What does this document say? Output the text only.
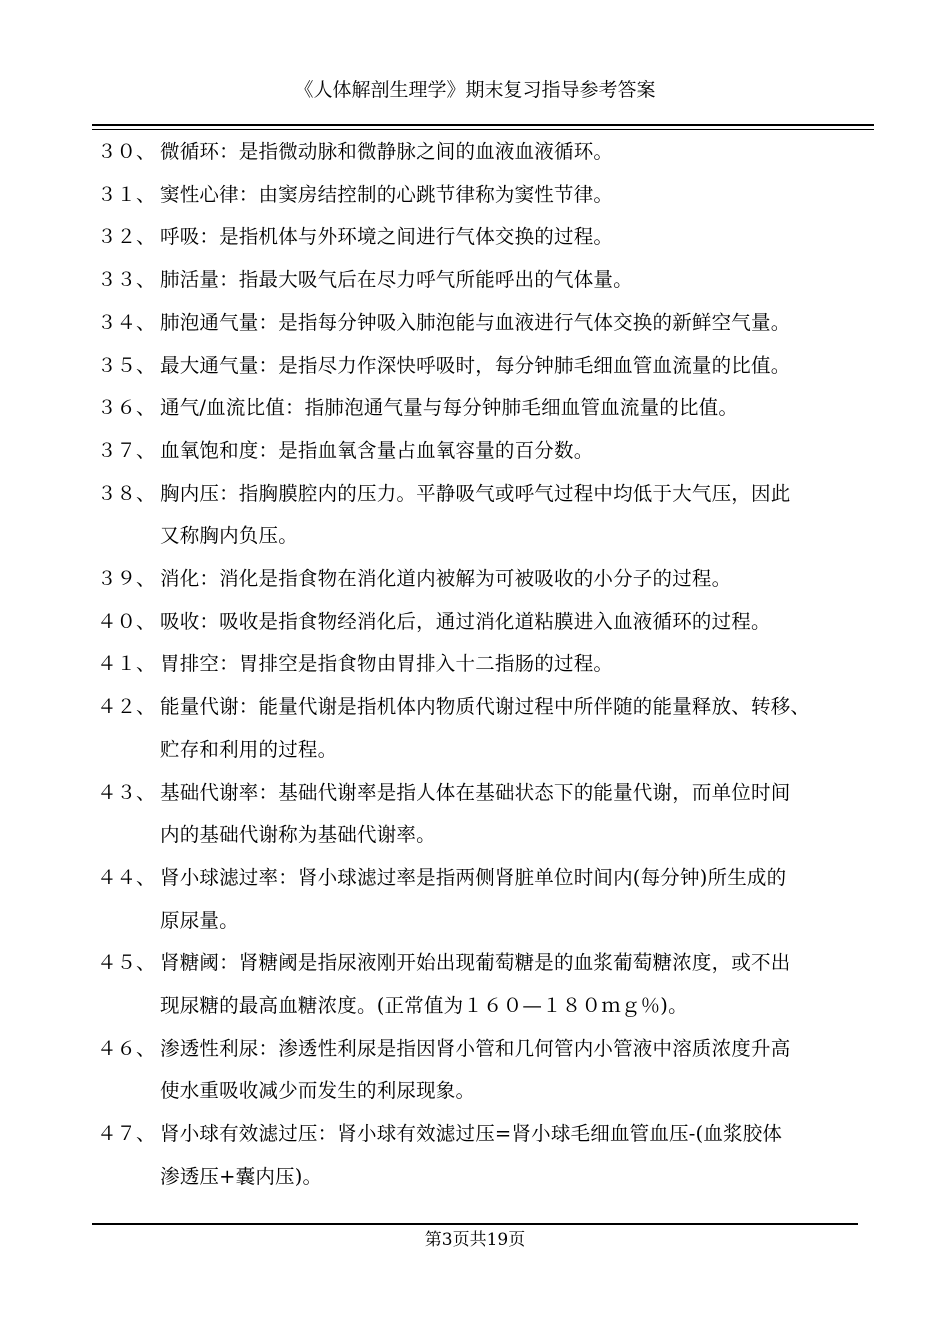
《人体解剖生理学》期末复习指导参考答案
３０、 微循环：是指微动脉和微静脉之间的血液血液循环。
３１、 窦性心律：由窦房结控制的心跳节律称为窦性节律。
３２、 呼吸：是指机体与外环境之间进行气体交换的过程。
３３、 肺活量：指最大吸气后在尽力呼气所能呼出的气体量。
３４、 肺泡通气量：是指每分钟吸入肺泡能与血液进行气体交换的新鲜空气量。
３５、 最大通气量：是指尽力作深快呼吸时，每分钟肺毛细血管血流量的比值。
３６、 通气/血流比值：指肺泡通气量与每分钟肺毛细血管血流量的比值。
３７、 血氧饱和度：是指血氧含量占血氧容量的百分数。
３８、 胸内压：指胸膜腔内的压力。平静吸气或呼气过程中均低于大气压，因此
又称胸内负压。
３９、 消化：消化是指食物在消化道内被解为可被吸收的小分子的过程。
４０、 吸收：吸收是指食物经消化后，通过消化道粘膜进入血液循环的过程。
４１、 胃排空：胃排空是指食物由胃排入十二指肠的过程。
４２、 能量代谢：能量代谢是指机体内物质代谢过程中所伴随的能量释放、转移、
贮存和利用的过程。
４３、 基础代谢率：基础代谢率是指人体在基础状态下的能量代谢，而单位时间
内的基础代谢称为基础代谢率。
４４、 肾小球滤过率：肾小球滤过率是指两侧肾脏单位时间内(每分钟)所生成的
原尿量。
４５、 肾糖阈：肾糖阈是指尿液刚开始出现葡萄糖是的血浆葡萄糖浓度，或不出
现尿糖的最高血糖浓度。(正常值为１６０—１８０ｍｇ％)。
４６、 渗透性利尿：渗透性利尿是指因肾小管和几何管内小管液中溶质浓度升高
使水重吸收减少而发生的利尿现象。
４７、 肾小球有效滤过压：肾小球有效滤过压=肾小球毛细血管血压-(血浆胶体
渗透压+囊内压)。
第3页共19页
